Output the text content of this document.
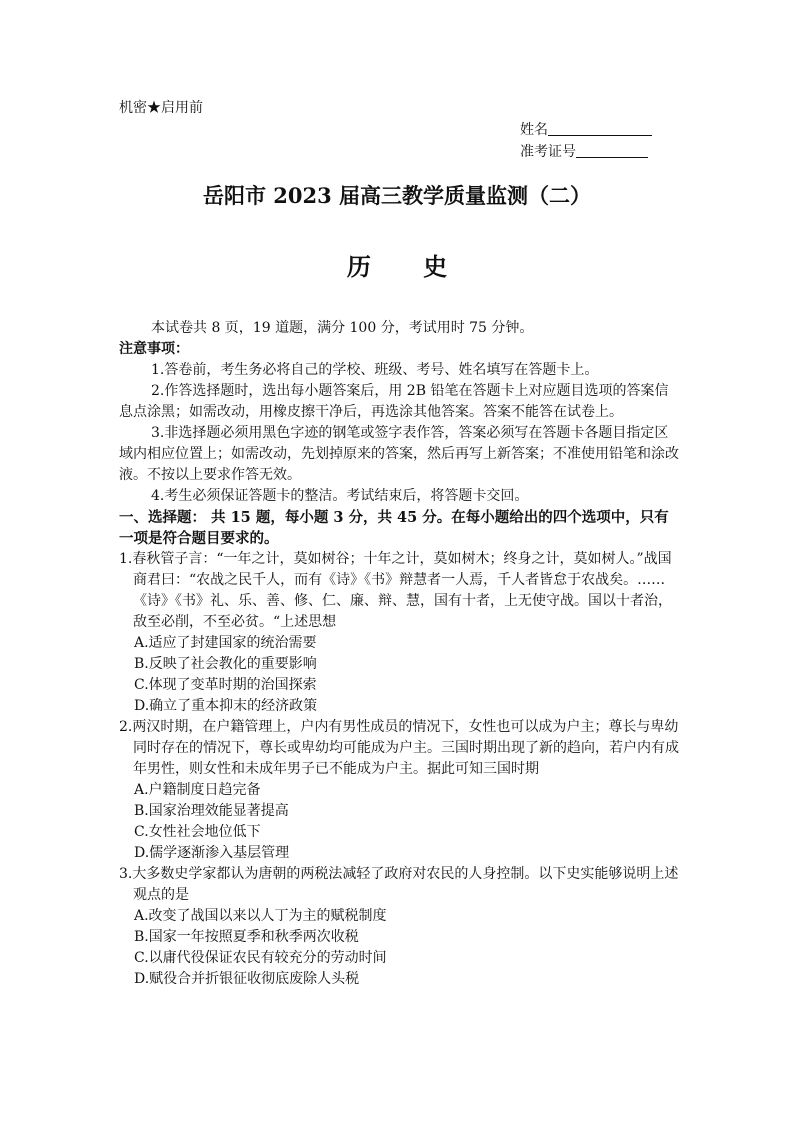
机密★启用前
姓名
准考证号
岳阳市 2023 届高三教学质量监测（二）
历 史

本试卷共 8 页，19 道题，满分 100 分，考试用时 75 分钟。

注意事项：

1.答卷前，考生务必将自己的学校、班级、考号、姓名填写在答题卡上。

2.作答选择题时，选出每小题答案后，用 2B 铅笔在答题卡上对应题目选项的答案信息点涂黑；如需改动，用橡皮擦干净后，再选涂其他答案。答案不能答在试卷上。

3.非选择题必须用黑色字迹的钢笔或签字表作答，答案必须写在答题卡各题目指定区域内相应位置上；如需改动，先划掉原来的答案，然后再写上新答案；不准使用铅笔和涂改液。不按以上要求作答无效。

4.考生必须保证答题卡的整洁。考试结束后，将答题卡交回。

一、选择题： 共 15 题，每小题 3 分，共 45 分。在每小题给出的四个选项中，只有一项是符合题目要求的。

1.春秋管子言：“一年之计，莫如树谷；十年之计，莫如树木；终身之计，莫如树人。”战国商君曰：“农战之民千人，而有《诗》《书》辩慧者一人焉，千人者皆怠于农战矣。……《诗》《书》礼、乐、善、修、仁、廉、辩、慧，国有十者，上无使守战。国以十者治，敌至必削，不至必贫。“上述思想

A.适应了封建国家的统治需要

B.反映了社会教化的重要影响

C.体现了变革时期的治国探索

D.确立了重本抑末的经济政策

2.两汉时期，在户籍管理上，户内有男性成员的情况下，女性也可以成为户主；尊长与卑幼同时存在的情况下，尊长或卑幼均可能成为户主。三国时期出现了新的趋向，若户内有成年男性，则女性和未成年男子已不能成为户主。据此可知三国时期

A.户籍制度日趋完备

B.国家治理效能显著提高

C.女性社会地位低下

D.儒学逐渐渗入基层管理

3.大多数史学家都认为唐朝的两税法减轻了政府对农民的人身控制。以下史实能够说明上述观点的是

A.改变了战国以来以人丁为主的赋税制度

B.国家一年按照夏季和秋季两次收税

C.以庸代役保证农民有较充分的劳动时间

D.赋役合并折银征收彻底废除人头税
